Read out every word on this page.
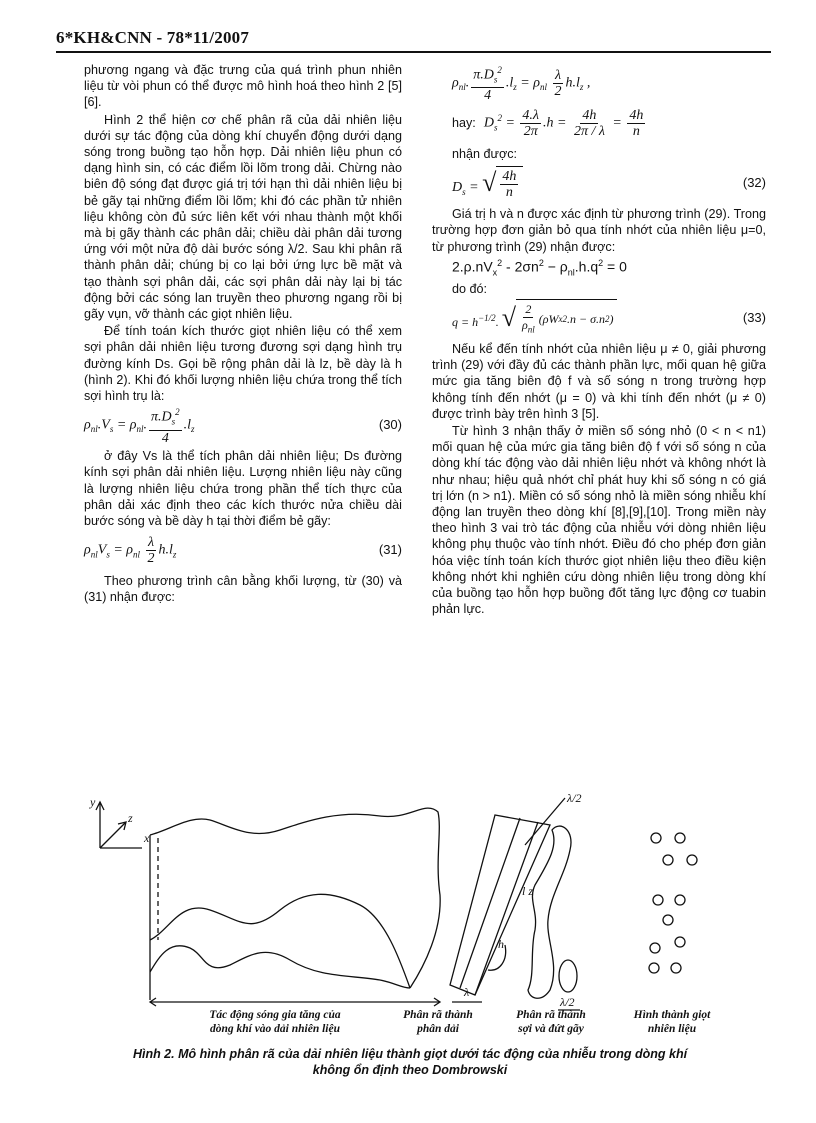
6*KH&CNN - 78*11/2007

phương ngang và đặc trưng của quá trình phun nhiên liệu từ vòi phun có thể được mô hình hoá theo hình 2 [5][6].

Hình 2 thể hiện cơ chế phân rã của dải nhiên liệu dưới sự tác động của dòng khí chuyển động dưới dạng sóng trong buồng tạo hỗn hợp. Dải nhiên liệu phun có dạng hình sin, có các điểm lồi lõm trong dải. Chừng nào biên độ sóng đạt được giá trị tới hạn thì dải nhiên liệu bị bẻ gãy tại những điểm lồi lõm; khi đó các phần tử nhiên liệu không còn đủ sức liên kết với nhau thành một khối mà bị gãy thành các phân dải; chiều dài phân dải tương ứng với một nửa độ dài bước sóng λ/2. Sau khi phân rã thành phân dải; chúng bị co lại bởi ứng lực bề mặt và tạo thành sợi phân dải, các sợi phân dải này lại bị tác động bởi các sóng lan truyền theo phương ngang rồi bị gãy vụn, vỡ thành các giọt nhiên liệu.

Để tính toán kích thước giọt nhiên liệu có thể xem sợi phân dải nhiên liệu tương đương sợi dạng hình trụ đường kính Ds. Gọi bề rộng phân dải là lz, bề dày là h (hình 2). Khi đó khối lượng nhiên liệu chứa trong thể tích sợi hình trụ là:

$\rho_{nl}.V_s = \rho_{nl}$. $\frac{\pi.D_s^2}{4} .l_z$	(30)

ở đây Vs là thể tích phân dải nhiên liệu; Ds đường kính sợi phân dải nhiên liệu. Lượng nhiên liệu này cũng là lượng nhiên liệu chứa trong phần thể tích thực của phân dải xác định theo các kích thước nửa chiều dài bước sóng và bề dày h tại thời điểm bẻ gãy:

$\rho_{nl}V_s = \rho_{nl} \frac{\lambda}{2} h.l_z$	(31)

Theo phương trình cân bằng khối lượng, từ (30) và (31) nhận được:

$\rho_{nl}$. $\frac{\pi.D_s^2}{4} .l_z = \rho_{nl} \frac{\lambda}{2} h.l_z$ ,
hay: $D_s^2 = \frac{4.\lambda}{2\pi} .h = \frac{4h}{2\pi / \lambda} = \frac{4h}{n}$

nhận được:

$D_s$ = √ $\frac{4h}{n}$	(32)

Giá trị h và n được xác định từ phương trình (29). Trong trường hợp đơn giản bỏ qua tính nhớt của nhiên liệu μ=0, từ phương trình (29) nhận được:

$2.\rho.nV_x^2 - 2\sigma n^2 - \rho_{nl}.h.q^2 = 0$

do đó:

$q = h^{-1/2}$. √ $\frac{2}{\rho_{nl}} (\rho W$ x 2 .n − σ.n 2 )	(33)

Nếu kể đến tính nhớt của nhiên liệu μ ≠ 0, giải phương trình (29) với đầy đủ các thành phần lực, mối quan hệ giữa mức gia tăng biên độ f và số sóng n trong trường hợp không tính đến nhớt (μ = 0) và khi tính đến nhớt (μ ≠ 0) được trình bày trên hình 3 [5].

Từ hình 3 nhận thấy ở miền số sóng nhỏ (0 < n < n1) mối quan hệ của mức gia tăng biên độ f với số sóng n của dòng khí tác động vào dải nhiên liệu nhớt và không nhớt là như nhau; hiệu quả nhớt chỉ phát huy khi số sóng n có giá trị lớn (n > n1). Miền có số sóng nhỏ là miền sóng nhiễu khí động lan truyền theo dòng khí [8],[9],[10]. Trong miền này theo hình 3 vai trò tác động của nhiễu với dòng nhiên liệu không phụ thuộc vào tính nhớt. Điều đó cho phép đơn giản hóa việc tính toán kích thước giọt nhiên liệu theo điều kiện không nhớt khi nghiên cứu dòng nhiên liệu trong dòng khí của buồng tạo hỗn hợp buồng đốt tăng lực động cơ tuabin phản lực.

y
z
x
λ/2
l z
h
λ
λ/2
Tác động sóng gia tăng của
dòng khí vào dải nhiên liệu
Phân rã thành
phân dải
Phân rã thành
sợi và đứt gãy
Hình thành giọt
nhiên liệu
Hình 2. Mô hình phân rã của dải nhiên liệu thành giọt dưới tác động của nhiễu trong dòng khí
không ổn định theo Dombrowski
